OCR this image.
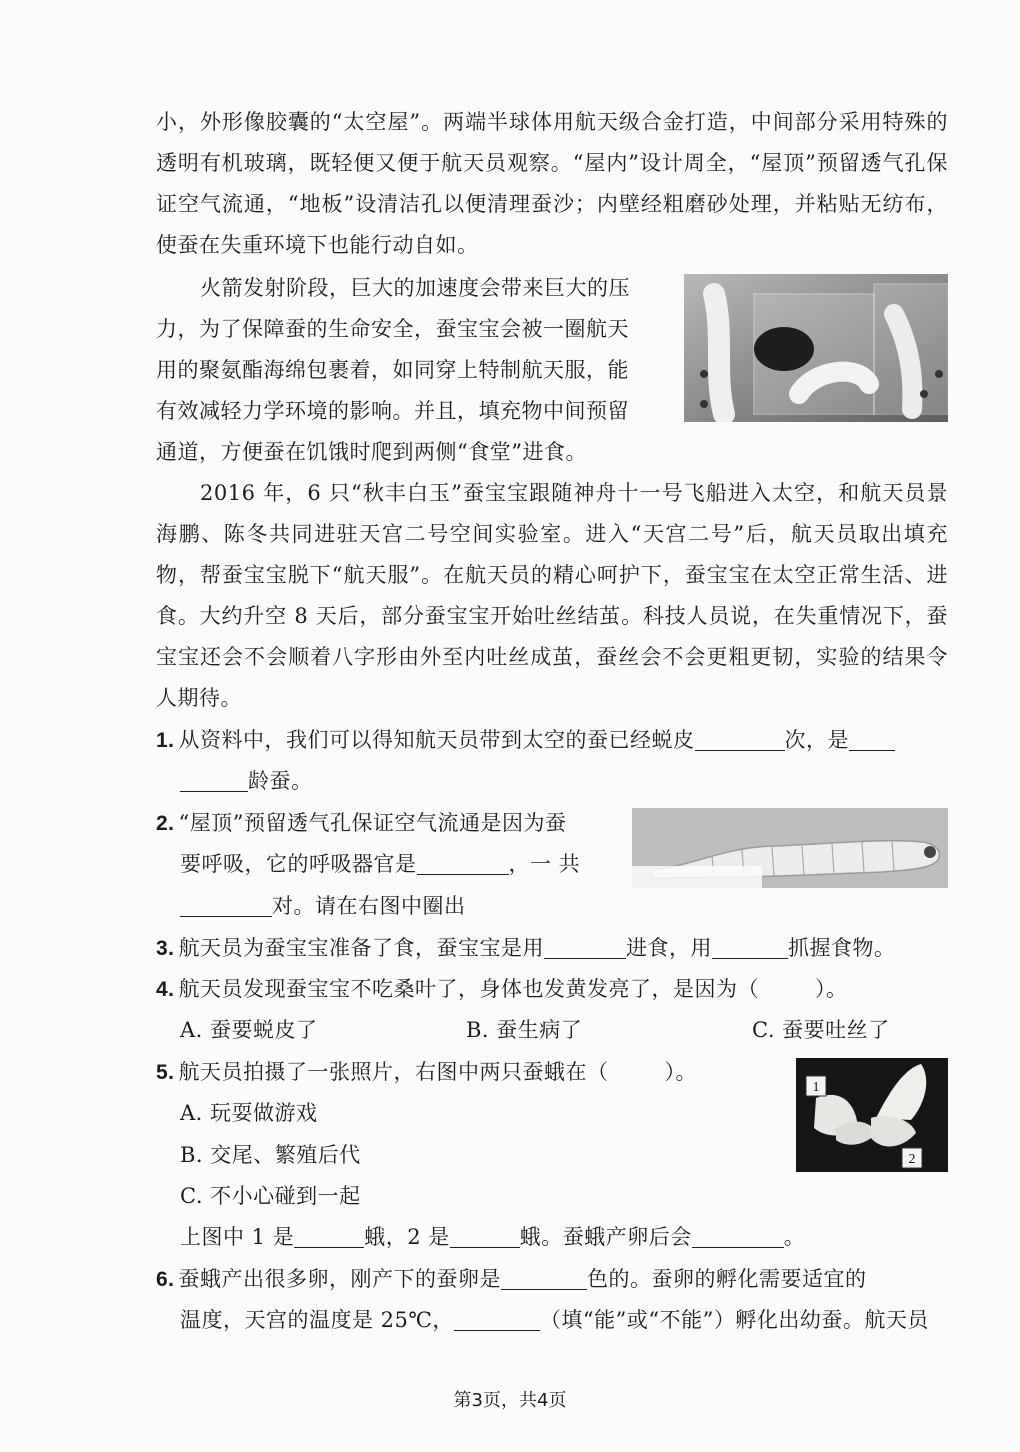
小，外形像胶囊的“太空屋”。两端半球体用航天级合金打造，中间部分采用特殊的透明有机玻璃，既轻便又便于航天员观察。“屋内”设计周全，“屋顶”预留透气孔保证空气流通，“地板”设清洁孔以便清理蚕沙；内壁经粗磨砂处理，并粘贴无纺布，使蚕在失重环境下也能行动自如。

火箭发射阶段，巨大的加速度会带来巨大的压
力，为了保障蚕的生命安全，蚕宝宝会被一圈航天
用的聚氨酯海绵包裹着，如同穿上特制航天服，能
有效减轻力学环境的影响。并且，填充物中间预留
通道，方便蚕在饥饿时爬到两侧“食堂”进食。

2016 年，6 只“秋丰白玉”蚕宝宝跟随神舟十一号飞船进入太空，和航天员景海鹏、陈冬共同进驻天宫二号空间实验室。进入“天宫二号”后，航天员取出填充物，帮蚕宝宝脱下“航天服”。在航天员的精心呵护下，蚕宝宝在太空正常生活、进食。大约升空 8 天后，部分蚕宝宝开始吐丝结茧。科技人员说，在失重情况下，蚕宝宝还会不会顺着八字形由外至内吐丝成茧，蚕丝会不会更粗更韧，实验的结果令人期待。

1. 从资料中，我们可以得知航天员带到太空的蚕已经蜕皮	次，是
龄蚕。
2. “屋顶”预留透气孔保证空气流通是因为蚕
要呼吸，它的呼吸器官是	，一 共
对。请在右图中圈出
3. 航天员为蚕宝宝准备了食，蚕宝宝是用	进食，用	抓握食物。
4. 航天员发现蚕宝宝不吃桑叶了，身体也发黄发亮了，是因为（	）。
A. 蚕要蜕皮了	B. 蚕生病了	C. 蚕要吐丝了
5. 航天员拍摄了一张照片，右图中两只蚕蛾在（	）。
A. 玩耍做游戏
B. 交尾、繁殖后代
C. 不小心碰到一起
上图中 1 是	蛾，2 是	蛾。蚕蛾产卵后会	。
1
2
6. 蚕蛾产出很多卵，刚产下的蚕卵是	色的。蚕卵的孵化需要适宜的
温度，天宫的温度是 25℃，	（填“能”或“不能”）孵化出幼蚕。航天员
第3页，共4页
